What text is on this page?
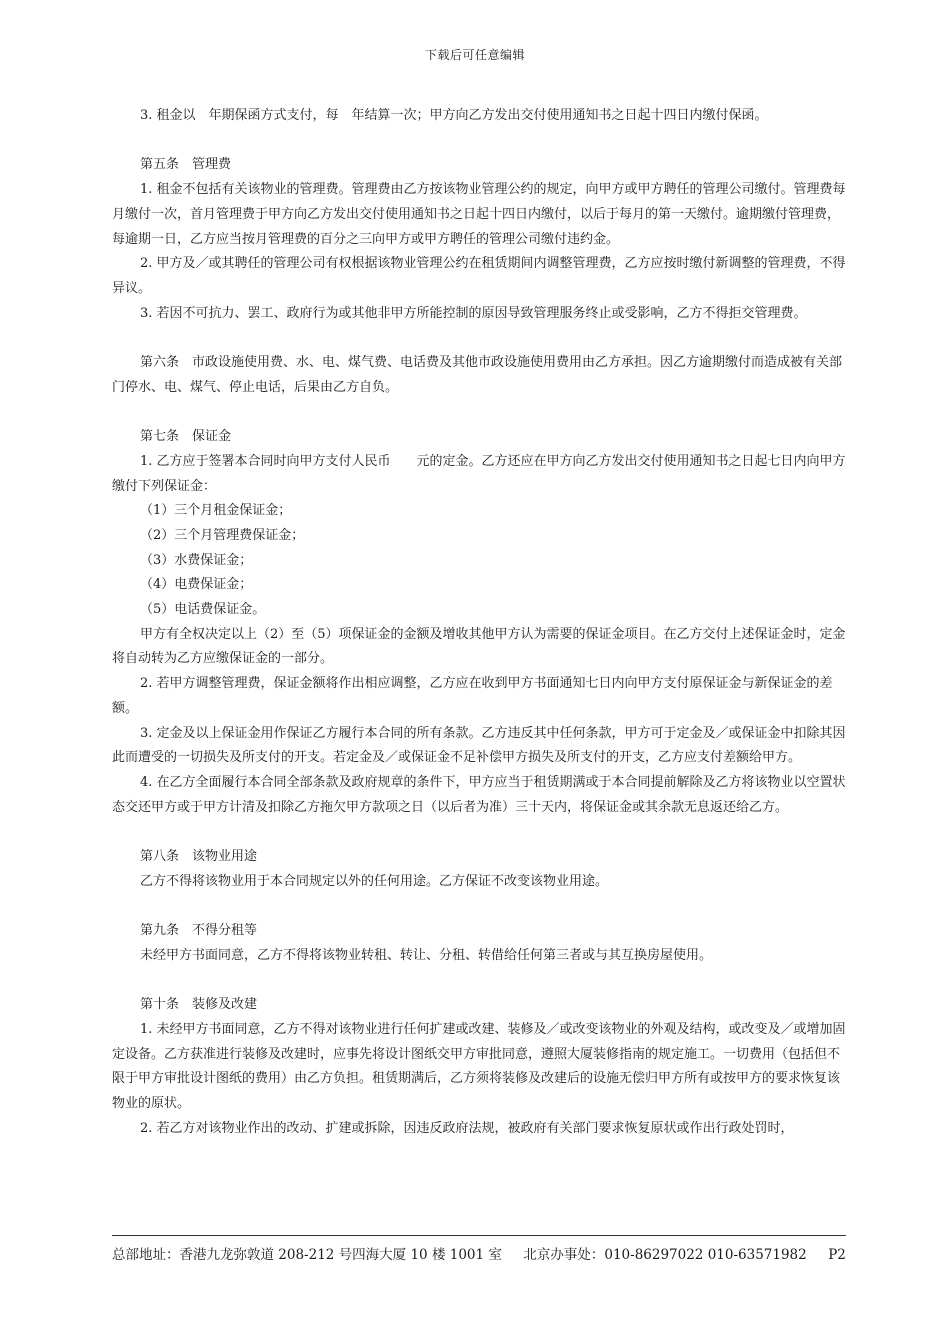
下载后可任意编辑

3. 租金以　年期保函方式支付，每　年结算一次；甲方向乙方发出交付使用通知书之日起十四日内缴付保函。

第五条　管理费

1. 租金不包括有关该物业的管理费。管理费由乙方按该物业管理公约的规定，向甲方或甲方聘任的管理公司缴付。管理费每月缴付一次，首月管理费于甲方向乙方发出交付使用通知书之日起十四日内缴付，以后于每月的第一天缴付。逾期缴付管理费，每逾期一日，乙方应当按月管理费的百分之三向甲方或甲方聘任的管理公司缴付违约金。

2. 甲方及／或其聘任的管理公司有权根据该物业管理公约在租赁期间内调整管理费，乙方应按时缴付新调整的管理费，不得异议。

3. 若因不可抗力、罢工、政府行为或其他非甲方所能控制的原因导致管理服务终止或受影响，乙方不得拒交管理费。

第六条　市政设施使用费、水、电、煤气费、电话费及其他市政设施使用费用由乙方承担。因乙方逾期缴付而造成被有关部门停水、电、煤气、停止电话，后果由乙方自负。

第七条　保证金

1. 乙方应于签署本合同时向甲方支付人民币　　元的定金。乙方还应在甲方向乙方发出交付使用通知书之日起七日内向甲方缴付下列保证金：

（1）三个月租金保证金；

（2）三个月管理费保证金；

（3）水费保证金；

（4）电费保证金；

（5）电话费保证金。

甲方有全权决定以上（2）至（5）项保证金的金额及增收其他甲方认为需要的保证金项目。在乙方交付上述保证金时，定金将自动转为乙方应缴保证金的一部分。

2. 若甲方调整管理费，保证金额将作出相应调整，乙方应在收到甲方书面通知七日内向甲方支付原保证金与新保证金的差额。

3. 定金及以上保证金用作保证乙方履行本合同的所有条款。乙方违反其中任何条款，甲方可于定金及／或保证金中扣除其因此而遭受的一切损失及所支付的开支。若定金及／或保证金不足补偿甲方损失及所支付的开支，乙方应支付差额给甲方。

4. 在乙方全面履行本合同全部条款及政府规章的条件下，甲方应当于租赁期满或于本合同提前解除及乙方将该物业以空置状态交还甲方或于甲方计清及扣除乙方拖欠甲方款项之日（以后者为准）三十天内，将保证金或其余款无息返还给乙方。

第八条　该物业用途

乙方不得将该物业用于本合同规定以外的任何用途。乙方保证不改变该物业用途。

第九条　不得分租等

未经甲方书面同意，乙方不得将该物业转租、转让、分租、转借给任何第三者或与其互换房屋使用。

第十条　装修及改建

1. 未经甲方书面同意，乙方不得对该物业进行任何扩建或改建、装修及／或改变该物业的外观及结构，或改变及／或增加固定设备。乙方获准进行装修及改建时，应事先将设计图纸交甲方审批同意，遵照大厦装修指南的规定施工。一切费用（包括但不限于甲方审批设计图纸的费用）由乙方负担。租赁期满后，乙方须将装修及改建后的设施无偿归甲方所有或按甲方的要求恢复该物业的原状。

2. 若乙方对该物业作出的改动、扩建或拆除，因违反政府法规，被政府有关部门要求恢复原状或作出行政处罚时，

总部地址：香港九龙弥敦道 208-212 号四海大厦 10 楼 1001 室 北京办事处：010-86297022 010-63571982 P2
